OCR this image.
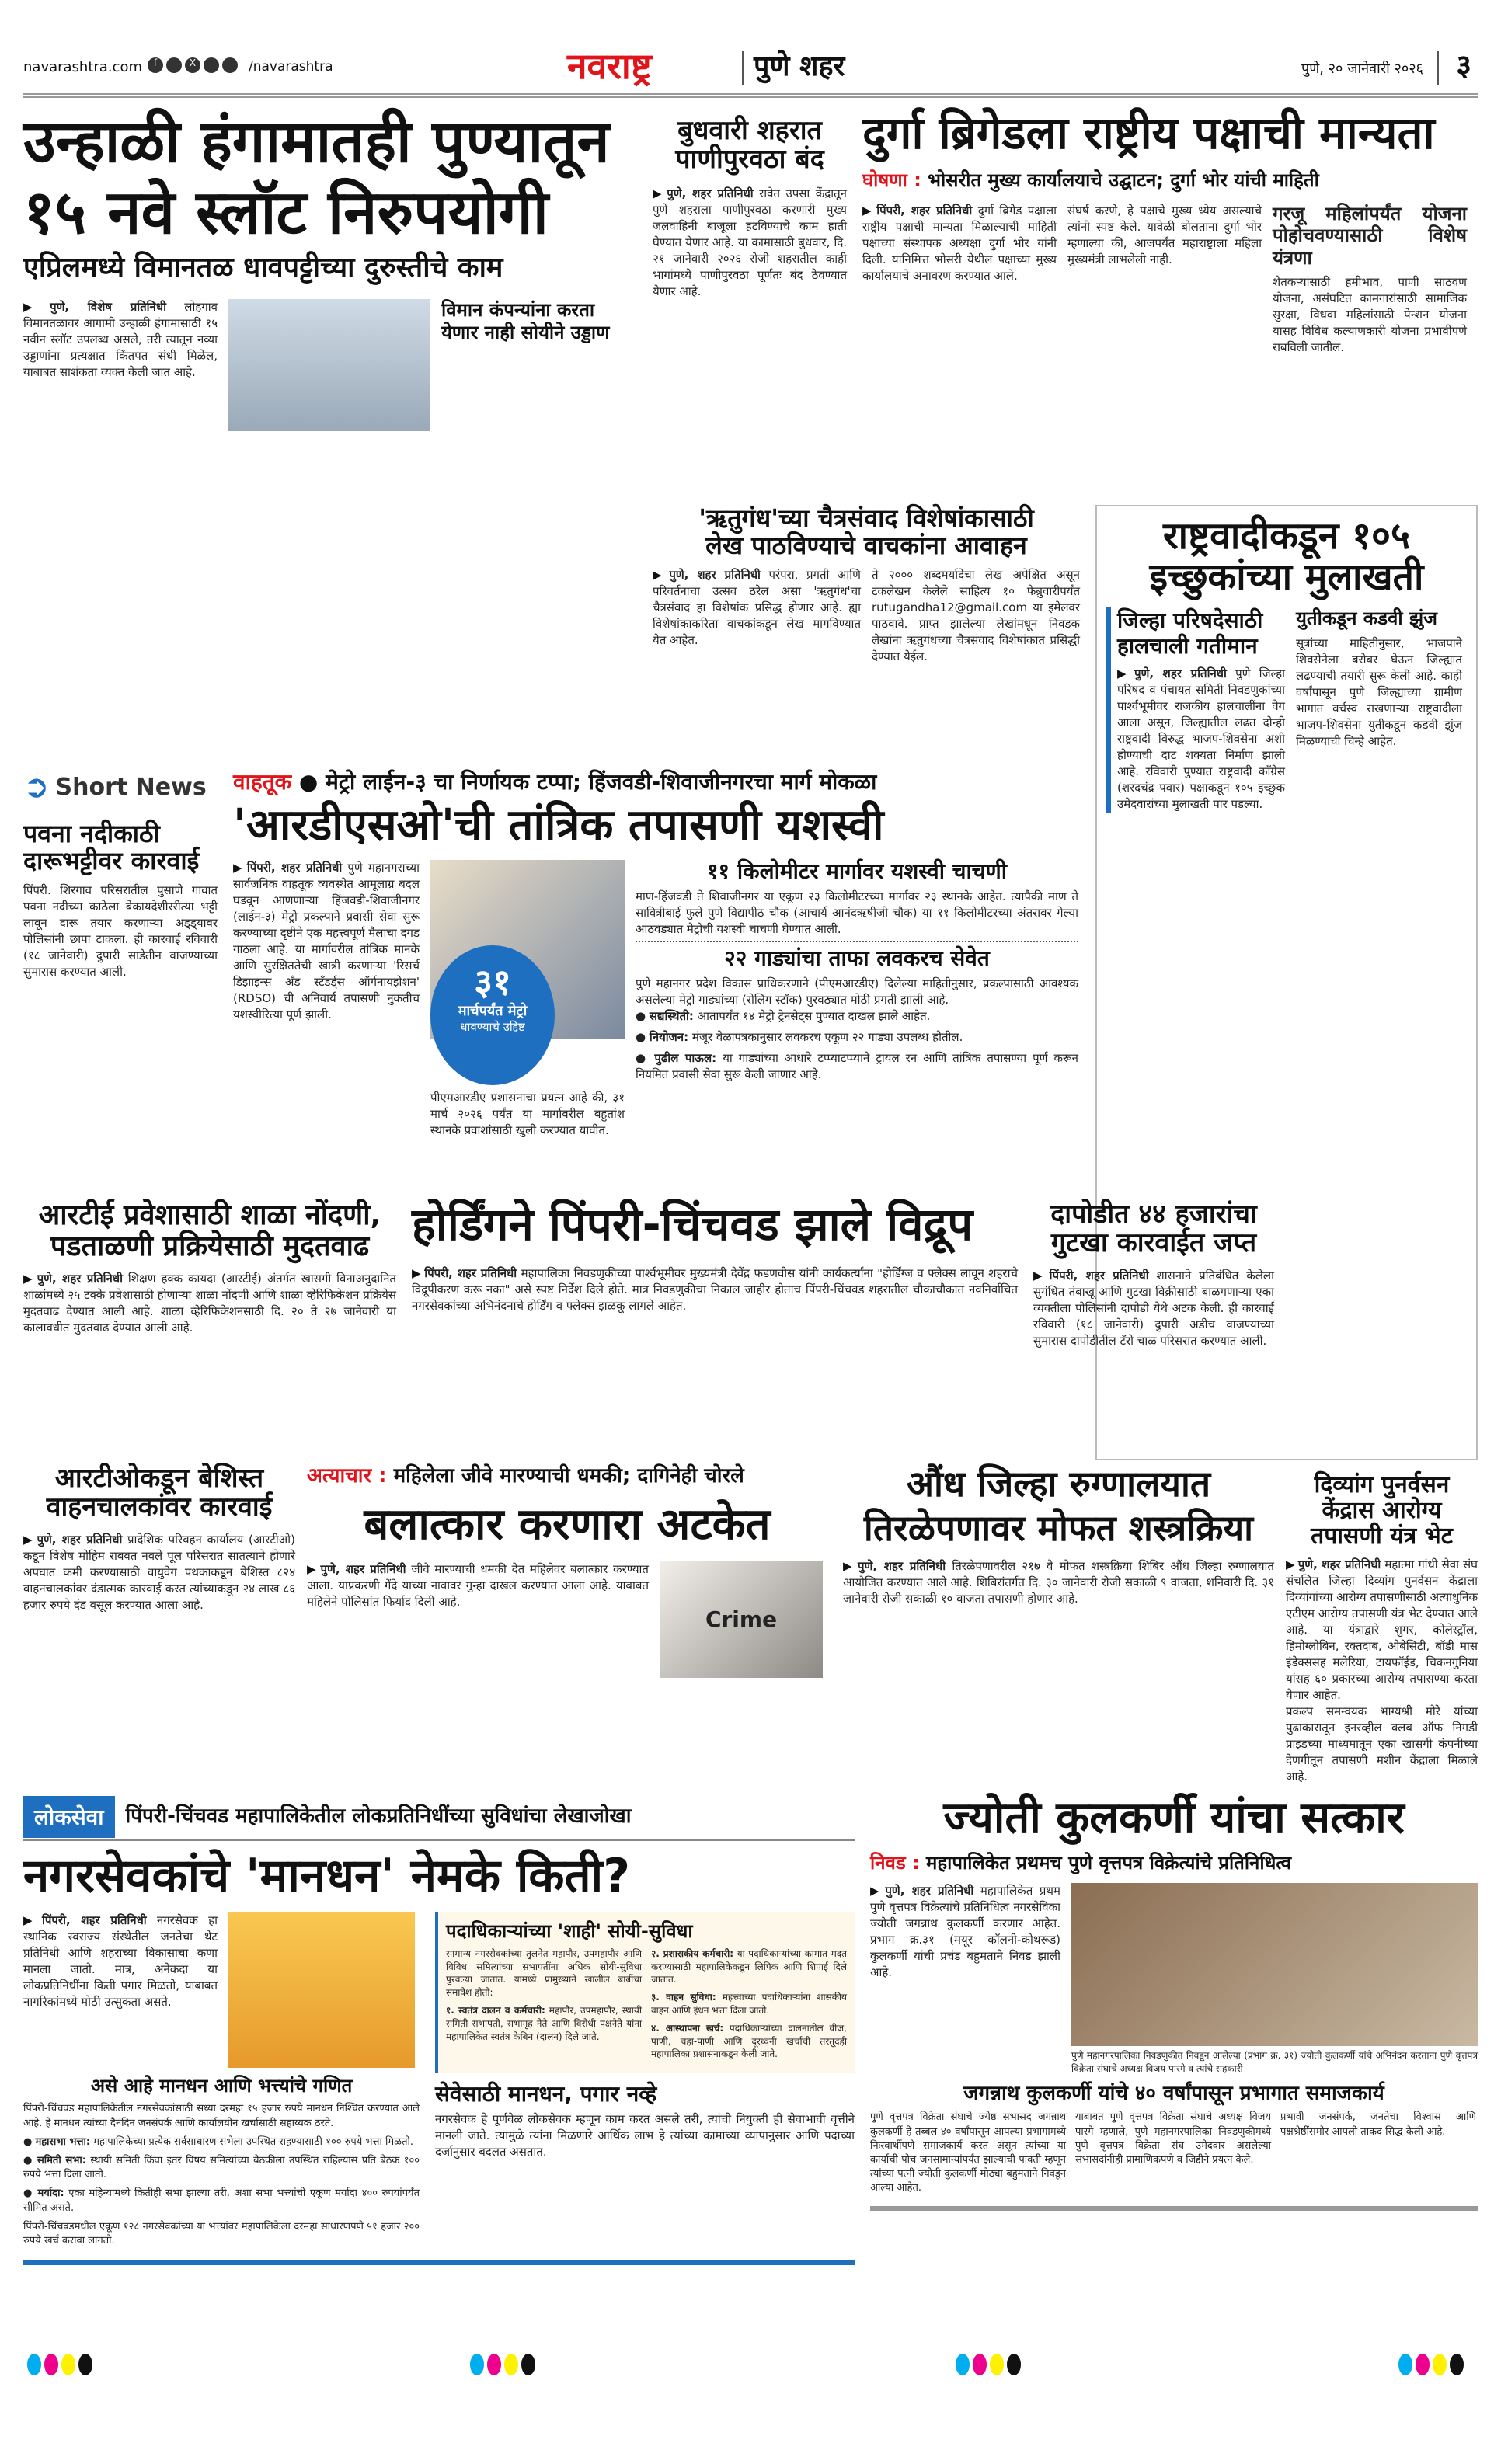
navarashtra.com	f	X	/navarashtra	नवराष्ट्र	पुणे शहर	पुणे, २० जानेवारी २०२६ ३
उन्हाळी हंगामातही पुण्यातून
१५ नवे स्लॉट निरुपयोगी
एप्रिलमध्ये विमानतळ धावपट्टीच्या दुरुस्तीचे काम

▶ पुणे, विशेष प्रतिनिधी लोहगाव विमानतळावर आगामी उन्हाळी हंगामासाठी १५ नवीन स्लॉट उपलब्ध असले, तरी त्यातून नव्या उड्डाणांना प्रत्यक्षात किंतपत संधी मिळेल, याबाबत साशंकता व्यक्त केली जात आहे.

विमान कंपन्यांना करता येणार नाही सोयीने उड्डाण
बुधवारी शहरात पाणीपुरवठा बंद

▶ पुणे, शहर प्रतिनिधी रावेत उपसा केंद्रातून पुणे शहराला पाणीपुरवठा करणारी मुख्य जलवाहिनी बाजूला हटविण्याचे काम हाती घेण्यात येणार आहे. या कामासाठी बुधवार, दि. २१ जानेवारी २०२६ रोजी शहरातील काही भागांमध्ये पाणीपुरवठा पूर्णतः बंद ठेवण्यात येणार आहे.

दुर्गा ब्रिगेडला राष्ट्रीय पक्षाची मान्यता
घोषणा : भोसरीत मुख्य कार्यालयाचे उद्घाटन; दुर्गा भोर यांची माहिती

▶ पिंपरी, शहर प्रतिनिधी दुर्गा ब्रिगेड पक्षाला राष्ट्रीय पक्षाची मान्यता मिळाल्याची माहिती पक्षाच्या संस्थापक अध्यक्षा दुर्गा भोर यांनी दिली. यानिमित्त भोसरी येथील पक्षाच्या मुख्य कार्यालयाचे अनावरण करण्यात आले.

संघर्ष करणे, हे पक्षाचे मुख्य ध्येय असल्याचे त्यांनी स्पष्ट केले. यावेळी बोलताना दुर्गा भोर म्हणाल्या की, आजपर्यंत महाराष्ट्राला महिला मुख्यमंत्री लाभलेली नाही.

गरजू महिलांपर्यंत योजना पोहोचवण्यासाठी विशेष यंत्रणा

शेतकऱ्यांसाठी हमीभाव, पाणी साठवण योजना, असंघटित कामगारांसाठी सामाजिक सुरक्षा, विधवा महिलांसाठी पेन्शन योजना यासह विविध कल्याणकारी योजना प्रभावीपणे राबविली जातील.

'ऋतुगंध'च्या चैत्रसंवाद विशेषांकासाठी
लेख पाठविण्याचे वाचकांना आवाहन

▶ पुणे, शहर प्रतिनिधी परंपरा, प्रगती आणि परिवर्तनाचा उत्सव ठरेल असा 'ऋतुगंध'चा चैत्रसंवाद हा विशेषांक प्रसिद्ध होणार आहे. ह्या विशेषांकाकरिता वाचकांकडून लेख मागविण्यात येत आहेत.

ते २००० शब्दमर्यादेचा लेख अपेक्षित असून टंकलेखन केलेले साहित्य १० फेब्रुवारीपर्यंत rutugandha12@gmail.com या इमेलवर पाठवावे. प्राप्त झालेल्या लेखांमधून निवडक लेखांना ऋतुगंधच्या चैत्रसंवाद विशेषांकात प्रसिद्धी देण्यात येईल.

राष्ट्रवादीकडून १०५
इच्छुकांच्या मुलाखती
जिल्हा परिषदेसाठी हालचाली गतीमान

▶ पुणे, शहर प्रतिनिधी पुणे जिल्हा परिषद व पंचायत समिती निवडणुकांच्या पार्श्वभूमीवर राजकीय हालचालींना वेग आला असून, जिल्ह्यातील लढत दोन्ही राष्ट्रवादी विरुद्ध भाजप-शिवसेना अशी होण्याची दाट शक्यता निर्माण झाली आहे. रविवारी पुण्यात राष्ट्रवादी काँग्रेस (शरदचंद्र पवार) पक्षाकडून १०५ इच्छुक उमेदवारांच्या मुलाखती पार पडल्या.

युतीकडून कडवी झुंज

सूत्रांच्या माहितीनुसार, भाजपाने शिवसेनेला बरोबर घेऊन जिल्ह्यात लढण्याची तयारी सुरू केली आहे. काही वर्षांपासून पुणे जिल्ह्याच्या ग्रामीण भागात वर्चस्व राखणाऱ्या राष्ट्रवादीला भाजप-शिवसेना युतीकडून कडवी झुंज मिळण्याची चिन्हे आहेत.

➲ Short News
पवना नदीकाठी दारूभट्टीवर कारवाई

पिंपरी. शिरगाव परिसरातील पुसाणे गावात पवना नदीच्या काठेला बेकायदेशीररीत्या भट्टी लावून दारू तयार करणाऱ्या अड्ड्यावर पोलिसांनी छापा टाकला. ही कारवाई रविवारी (१८ जानेवारी) दुपारी साडेतीन वाजण्याच्या सुमारास करण्यात आली.

वाहतूक ● मेट्रो लाईन-३ चा निर्णायक टप्पा; हिंजवडी-शिवाजीनगरचा मार्ग मोकळा
'आरडीएसओ'ची तांत्रिक तपासणी यशस्वी

▶ पिंपरी, शहर प्रतिनिधी पुणे महानगराच्या सार्वजनिक वाहतूक व्यवस्थेत आमूलाग्र बदल घडवून आणणाऱ्या हिंजवडी-शिवाजीनगर (लाईन-३) मेट्रो प्रकल्पाने प्रवासी सेवा सुरू करण्याच्या दृष्टीने एक महत्त्वपूर्ण मैलाचा दगड गाठला आहे. या मार्गावरील तांत्रिक मानके आणि सुरक्षिततेची खात्री करणाऱ्या 'रिसर्च डिझाइन्स अँड स्टँडर्ड्स ऑर्गनायझेशन' (RDSO) ची अनिवार्य तपासणी नुकतीच यशस्वीरित्या पूर्ण झाली.

३१
मार्चपर्यंत मेट्रो
धावण्याचे उद्दिष्ट

पीएमआरडीए प्रशासनाचा प्रयत्न आहे की, ३१ मार्च २०२६ पर्यंत या मार्गावरील बहुतांश स्थानके प्रवाशांसाठी खुली करण्यात यावीत.

११ किलोमीटर मार्गावर यशस्वी चाचणी

माण-हिंजवडी ते शिवाजीनगर या एकूण २३ किलोमीटरच्या मार्गावर २३ स्थानके आहेत. त्यापैकी माण ते सावित्रीबाई फुले पुणे विद्यापीठ चौक (आचार्य आनंदऋषीजी चौक) या ११ किलोमीटरच्या अंतरावर गेल्या आठवड्यात मेट्रोची यशस्वी चाचणी घेण्यात आली.

२२ गाड्यांचा ताफा लवकरच सेवेत

पुणे महानगर प्रदेश विकास प्राधिकरणाने (पीएमआरडीए) दिलेल्या माहितीनुसार, प्रकल्पासाठी आवश्यक असलेल्या मेट्रो गाड्यांच्या (रोलिंग स्टॉक) पुरवठ्यात मोठी प्रगती झाली आहे.

● सद्यस्थिती: आतापर्यंत १४ मेट्रो ट्रेनसेट्स पुण्यात दाखल झाले आहेत.

● नियोजन: मंजूर वेळापत्रकानुसार लवकरच एकूण २२ गाड्या उपलब्ध होतील.

● पुढील पाऊल: या गाड्यांच्या आधारे टप्प्याटप्प्याने ट्रायल रन आणि तांत्रिक तपासण्या पूर्ण करून नियमित प्रवासी सेवा सुरू केली जाणार आहे.

आरटीई प्रवेशासाठी शाळा नोंदणी, पडताळणी प्रक्रियेसाठी मुदतवाढ

▶ पुणे, शहर प्रतिनिधी शिक्षण हक्क कायदा (आरटीई) अंतर्गत खासगी विनाअनुदानित शाळांमध्ये २५ टक्के प्रवेशासाठी होणाऱ्या शाळा नोंदणी आणि शाळा व्हेरिफिकेशन प्रक्रियेस मुदतवाढ देण्यात आली आहे. शाळा व्हेरिफिकेशनसाठी दि. २० ते २७ जानेवारी या कालावधीत मुदतवाढ देण्यात आली आहे.

होर्डिंगने पिंपरी-चिंचवड झाले विद्रूप

▶ पिंपरी, शहर प्रतिनिधी महापालिका निवडणुकीच्या पार्श्वभूमीवर मुख्यमंत्री देवेंद्र फडणवीस यांनी कार्यकर्त्यांना "होर्डिंग्ज व फ्लेक्स लावून शहराचे विद्रूपीकरण करू नका" असे स्पष्ट निर्देश दिले होते. मात्र निवडणुकीचा निकाल जाहीर होताच पिंपरी-चिंचवड शहरातील चौकाचौकात नवनिर्वाचित नगरसेवकांच्या अभिनंदनाचे होर्डिंग व फ्लेक्स झळकू लागले आहेत.

दापोडीत ४४ हजारांचा गुटखा कारवाईत जप्त

▶ पिंपरी, शहर प्रतिनिधी शासनाने प्रतिबंधित केलेला सुगंधित तंबाखू आणि गुटखा विक्रीसाठी बाळगणाऱ्या एका व्यक्तीला पोलिसांनी दापोडी येथे अटक केली. ही कारवाई रविवारी (१८ जानेवारी) दुपारी अडीच वाजण्याच्या सुमारास दापोडीतील टॅरो चाळ परिसरात करण्यात आली.

दिव्यांग पुनर्वसन केंद्रास आरोग्य तपासणी यंत्र भेट

▶ पुणे, शहर प्रतिनिधी महात्मा गांधी सेवा संघ संचलित जिल्हा दिव्यांग पुनर्वसन केंद्राला दिव्यांगांच्या आरोग्य तपासणीसाठी अत्याधुनिक एटीएम आरोग्य तपासणी यंत्र भेट देण्यात आले आहे. या यंत्राद्वारे शुगर, कोलेस्ट्रॉल, हिमोग्लोबिन, रक्तदाब, ओबेसिटी, बॉडी मास इंडेक्ससह मलेरिया, टायफॉईड, चिकनगुनिया यांसह ६० प्रकारच्या आरोग्य तपासण्या करता येणार आहेत.

प्रकल्प समन्वयक भाग्यश्री मोरे यांच्या पुढाकारातून इनरव्हील क्लब ऑफ निगडी प्राइडच्या माध्यमातून एका खासगी कंपनीच्या देणगीतून तपासणी मशीन केंद्राला मिळाले आहे.

आरटीओकडून बेशिस्त वाहनचालकांवर कारवाई

▶ पुणे, शहर प्रतिनिधी प्रादेशिक परिवहन कार्यालय (आरटीओ) कडून विशेष मोहिम राबवत नवले पूल परिसरात सातत्याने होणारे अपघात कमी करण्यासाठी वायुवेग पथकाकडून बेशिस्त ८२४ वाहनचालकांवर दंडात्मक कारवाई करत त्यांच्याकडून २४ लाख ८६ हजार रुपये दंड वसूल करण्यात आला आहे.

अत्याचार : महिलेला जीवे मारण्याची धमकी; दागिनेही चोरले
बलात्कार करणारा अटकेत

▶ पुणे, शहर प्रतिनिधी जीवे मारण्याची धमकी देत महिलेवर बलात्कार करण्यात आला. याप्रकरणी गेंदे याच्या नावावर गुन्हा दाखल करण्यात आला आहे. याबाबत महिलेने पोलिसांत फिर्याद दिली आहे.

Crime
औंध जिल्हा रुग्णालयात
तिरळेपणावर मोफत शस्त्रक्रिया

▶ पुणे, शहर प्रतिनिधी तिरळेपणावरील २१७ वे मोफत शस्त्रक्रिया शिबिर औंध जिल्हा रुग्णालयात आयोजित करण्यात आले आहे. शिबिरांतर्गत दि. ३० जानेवारी रोजी सकाळी ९ वाजता, शनिवारी दि. ३१ जानेवारी रोजी सकाळी १० वाजता तपासणी होणार आहे.

लोकसेवा	पिंपरी-चिंचवड महापालिकेतील लोकप्रतिनिधींच्या सुविधांचा लेखाजोखा
नगरसेवकांचे 'मानधन' नेमके किती?

▶ पिंपरी, शहर प्रतिनिधी नगरसेवक हा स्थानिक स्वराज्य संस्थेतील जनतेचा थेट प्रतिनिधी आणि शहराच्या विकासाचा कणा मानला जातो. मात्र, अनेकदा या लोकप्रतिनिधींना किती पगार मिळतो, याबाबत नागरिकांमध्ये मोठी उत्सुकता असते.

असे आहे मानधन आणि भत्त्यांचे गणित

पिंपरी-चिंचवड महापालिकेतील नगरसेवकांसाठी सध्या दरमहा १५ हजार रुपये मानधन निश्चित करण्यात आले आहे. हे मानधन त्यांच्या दैनंदिन जनसंपर्क आणि कार्यालयीन खर्चासाठी सहाय्यक ठरते.

● महासभा भत्ता: महापालिकेच्या प्रत्येक सर्वसाधारण सभेला उपस्थित राहण्यासाठी १०० रुपये भत्ता मिळतो.

● समिती सभा: स्थायी समिती किंवा इतर विषय समित्यांच्या बैठकीला उपस्थित राहिल्यास प्रति बैठक १०० रुपये भत्ता दिला जातो.

● मर्यादा: एका महिन्यामध्ये कितीही सभा झाल्या तरी, अशा सभा भत्त्यांची एकूण मर्यादा ४०० रुपयांपर्यंत सीमित असते.

पिंपरी-चिंचवडमधील एकूण १२८ नगरसेवकांच्या या भत्त्यांवर महापालिकेला दरमहा साधारणपणे ५१ हजार २०० रुपये खर्च करावा लागतो.

पदाधिकाऱ्यांच्या 'शाही' सोयी-सुविधा

सामान्य नगरसेवकांच्या तुलनेत महापौर, उपमहापौर आणि विविध समित्यांच्या सभापतींना अधिक सोयी-सुविधा पुरवल्या जातात. यामध्ये प्रामुख्याने खालील बाबींचा समावेश होतो:

१. स्वतंत्र दालन व कर्मचारी: महापौर, उपमहापौर, स्थायी समिती सभापती, सभागृह नेते आणि विरोधी पक्षनेते यांना महापालिकेत स्वतंत्र केबिन (दालन) दिले जाते.

२. प्रशासकीय कर्मचारी: या पदाधिकाऱ्यांच्या कामात मदत करण्यासाठी महापालिकेकडून लिपिक आणि शिपाई दिले जातात.

३. वाहन सुविधा: महत्त्वाच्या पदाधिकाऱ्यांना शासकीय वाहन आणि इंधन भत्ता दिला जातो.

४. आस्थापना खर्च: पदाधिकाऱ्यांच्या दालनातील वीज, पाणी, चहा-पाणी आणि दूरध्वनी खर्चाची तरतूदही महापालिका प्रशासनाकडून केली जाते.

सेवेसाठी मानधन, पगार नव्हे

नगरसेवक हे पूर्णवेळ लोकसेवक म्हणून काम करत असले तरी, त्यांची नियुक्ती ही सेवाभावी वृत्तीने मानली जाते. त्यामुळे त्यांना मिळणारे आर्थिक लाभ हे त्यांच्या कामाच्या व्यापानुसार आणि पदाच्या दर्जानुसार बदलत असतात.

ज्योती कुलकर्णी यांचा सत्कार
निवड : महापालिकेत प्रथमच पुणे वृत्तपत्र विक्रेत्यांचे प्रतिनिधित्व

▶ पुणे, शहर प्रतिनिधी महापालिकेत प्रथम पुणे वृत्तपत्र विक्रेत्यांचे प्रतिनिधित्व नगरसेविका ज्योती जगन्नाथ कुलकर्णी करणार आहेत. प्रभाग क्र.३१ (मयूर कॉलनी-कोथरूड) कुलकर्णी यांची प्रचंड बहुमताने निवड झाली आहे.

पुणे महानगरपालिका निवडणुकीत निवडून आलेल्या (प्रभाग क्र. ३१) ज्योती कुलकर्णी यांचे अभिनंदन करताना पुणे वृत्तपत्र विक्रेता संघाचे अध्यक्ष विजय पारगे व त्यांचे सहकारी

जगन्नाथ कुलकर्णी यांचे ४० वर्षांपासून प्रभागात समाजकार्य

पुणे वृत्तपत्र विक्रेता संघाचे ज्येष्ठ सभासद जगन्नाथ कुलकर्णी हे तब्बल ४० वर्षांपासून आपल्या प्रभागामध्ये निःस्वार्थीपणे समाजकार्य करत असून त्यांच्या या कार्याची पोच जनसामान्यांपर्यंत झाल्याची पावती म्हणून त्यांच्या पत्नी ज्योती कुलकर्णी मोठ्या बहुमताने निवडून आल्या आहेत.

याबाबत पुणे वृत्तपत्र विक्रेता संघाचे अध्यक्ष विजय पारगे म्हणाले, पुणे महानगरपालिका निवडणुकीमध्ये पुणे वृत्तपत्र विक्रेता संघ उमेदवार असलेल्या सभासदांनीही प्रामाणिकपणे व जिद्दीने प्रयत्न केले.

प्रभावी जनसंपर्क, जनतेचा विश्वास आणि पक्षश्रेष्ठींसमोर आपली ताकद सिद्ध केली आहे.
